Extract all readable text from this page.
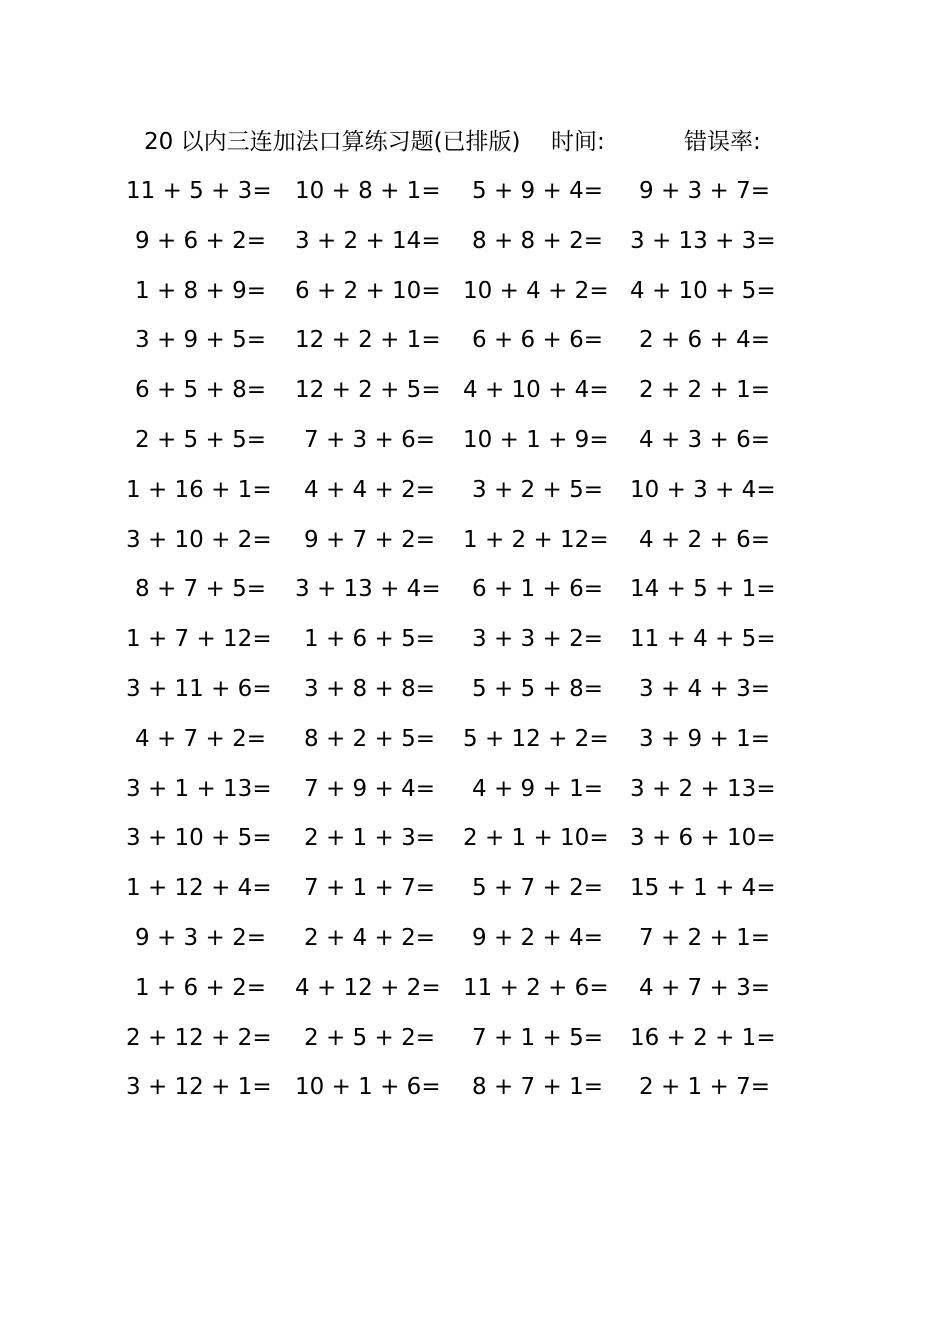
20 以内三连加法口算练习题(已排版) 时间:	错误率:
11 + 5 + 3= 10 + 8 + 1=	5 + 9 + 4=	9 + 3 + 7=
9 + 6 + 2= 3 + 2 + 14=	8 + 8 + 2= 3 + 13 + 3=
1 + 8 + 9= 6 + 2 + 10= 10 + 4 + 2= 4 + 10 + 5=
3 + 9 + 5= 12 + 2 + 1=	6 + 6 + 6=	2 + 6 + 4=
6 + 5 + 8= 12 + 2 + 5= 4 + 10 + 4=	2 + 2 + 1=
2 + 5 + 5=	7 + 3 + 6= 10 + 1 + 9=	4 + 3 + 6=
1 + 16 + 1=	4 + 4 + 2=	3 + 2 + 5= 10 + 3 + 4=
3 + 10 + 2=	9 + 7 + 2= 1 + 2 + 12=	4 + 2 + 6=
8 + 7 + 5= 3 + 13 + 4=	6 + 1 + 6= 14 + 5 + 1=
1 + 7 + 12=	1 + 6 + 5=	3 + 3 + 2= 11 + 4 + 5=
3 + 11 + 6=	3 + 8 + 8=	5 + 5 + 8=	3 + 4 + 3=
4 + 7 + 2=	8 + 2 + 5= 5 + 12 + 2=	3 + 9 + 1=
3 + 1 + 13=	7 + 9 + 4=	4 + 9 + 1= 3 + 2 + 13=
3 + 10 + 5=	2 + 1 + 3= 2 + 1 + 10= 3 + 6 + 10=
1 + 12 + 4=	7 + 1 + 7=	5 + 7 + 2= 15 + 1 + 4=
9 + 3 + 2=	2 + 4 + 2=	9 + 2 + 4=	7 + 2 + 1=
1 + 6 + 2= 4 + 12 + 2= 11 + 2 + 6=	4 + 7 + 3=
2 + 12 + 2=	2 + 5 + 2=	7 + 1 + 5= 16 + 2 + 1=
3 + 12 + 1= 10 + 1 + 6=	8 + 7 + 1=	2 + 1 + 7=
